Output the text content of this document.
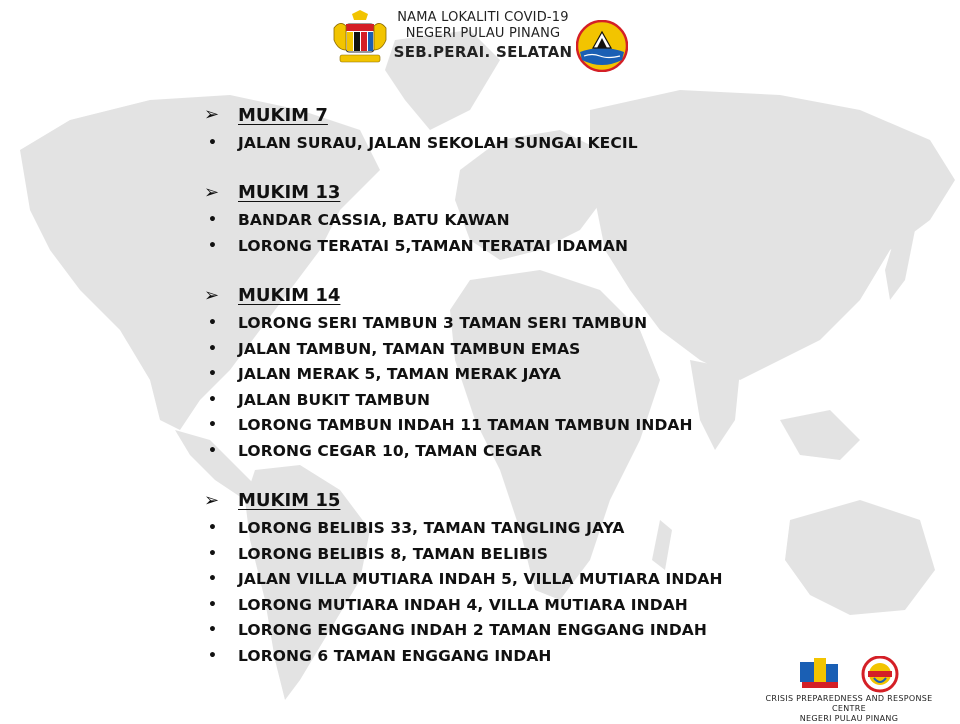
NAMA LOKALITI COVID-19
NEGERI PULAU PINANG
SEB.PERAI. SELATAN
➢	MUKIM 7
•	JALAN SURAU, JALAN SEKOLAH SUNGAI KECIL
➢	MUKIM 13
•	BANDAR CASSIA, BATU KAWAN
•	LORONG TERATAI 5,TAMAN TERATAI IDAMAN
➢	MUKIM 14
•	LORONG SERI TAMBUN 3 TAMAN SERI TAMBUN
•	JALAN TAMBUN, TAMAN TAMBUN EMAS
•	JALAN MERAK 5, TAMAN MERAK JAYA
•	JALAN BUKIT TAMBUN
•	LORONG TAMBUN INDAH 11 TAMAN TAMBUN INDAH
•	LORONG CEGAR 10, TAMAN CEGAR
➢	MUKIM 15
•	LORONG BELIBIS 33, TAMAN TANGLING JAYA
•	LORONG BELIBIS 8, TAMAN BELIBIS
•	JALAN VILLA MUTIARA INDAH 5, VILLA MUTIARA INDAH
•	LORONG MUTIARA INDAH 4, VILLA MUTIARA INDAH
•	LORONG ENGGANG INDAH 2 TAMAN ENGGANG INDAH
•	LORONG 6 TAMAN ENGGANG INDAH
CRISIS PREPAREDNESS AND RESPONSE CENTRE
NEGERI PULAU PINANG
